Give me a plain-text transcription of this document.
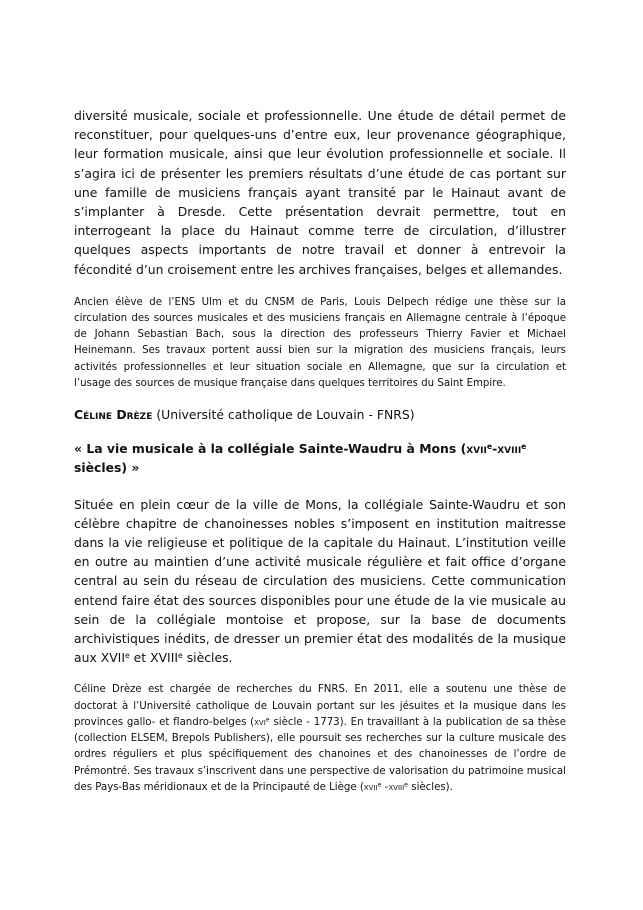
diversité musicale, sociale et professionnelle. Une étude de détail permet de reconstituer, pour quelques-uns d’entre eux, leur provenance géographique, leur formation musicale, ainsi que leur évolution professionnelle et sociale. Il s’agira ici de présenter les premiers résultats d’une étude de cas portant sur une famille de musiciens français ayant transité par le Hainaut avant de s’implanter à Dresde. Cette présentation devrait permettre, tout en interrogeant la place du Hainaut comme terre de circulation, d’illustrer quelques aspects importants de notre travail et donner à entrevoir la fécondité d’un croisement entre les archives françaises, belges et allemandes.

Ancien élève de l’ENS Ulm et du CNSM de Paris, Louis Delpech rédige une thèse sur la circulation des sources musicales et des musiciens français en Allemagne centrale à l’époque de Johann Sebastian Bach, sous la direction des professeurs Thierry Favier et Michael Heinemann. Ses travaux portent aussi bien sur la migration des musiciens français, leurs activités professionnelles et leur situation sociale en Allemagne, que sur la circulation et l’usage des sources de musique française dans quelques territoires du Saint Empire.

Céline Drèze (Université catholique de Louvain - FNRS)

« La vie musicale à la collégiale Sainte-Waudru à Mons (xvii$^e$-xviii$^e$ siècles) »

Située en plein cœur de la ville de Mons, la collégiale Sainte-Waudru et son célèbre chapitre de chanoinesses nobles s’imposent en institution maitresse dans la vie religieuse et politique de la capitale du Hainaut. L’institution veille en outre au maintien d’une activité musicale régulière et fait office d’organe central au sein du réseau de circulation des musiciens. Cette communication entend faire état des sources disponibles pour une étude de la vie musicale au sein de la collégiale montoise et propose, sur la base de documents archivistiques inédits, de dresser un premier état des modalités de la musique aux XVIIe et XVIIIe siècles.

Céline Drèze est chargée de recherches du FNRS. En 2011, elle a soutenu une thèse de doctorat à l’Université catholique de Louvain portant sur les jésuites et la musique dans les provinces gallo- et flandro-belges (xvi$^e$ siècle - 1773). En travaillant à la publication de sa thèse (collection ELSEM, Brepols Publishers), elle poursuit ses recherches sur la culture musicale des ordres réguliers et plus spécifiquement des chanoines et des chanoinesses de l’ordre de Prémontré. Ses travaux s’inscrivent dans une perspective de valorisation du patrimoine musical des Pays-Bas méridionaux et de la Principauté de Liège (xvii$^e$ -xviii$^e$ siècles).
